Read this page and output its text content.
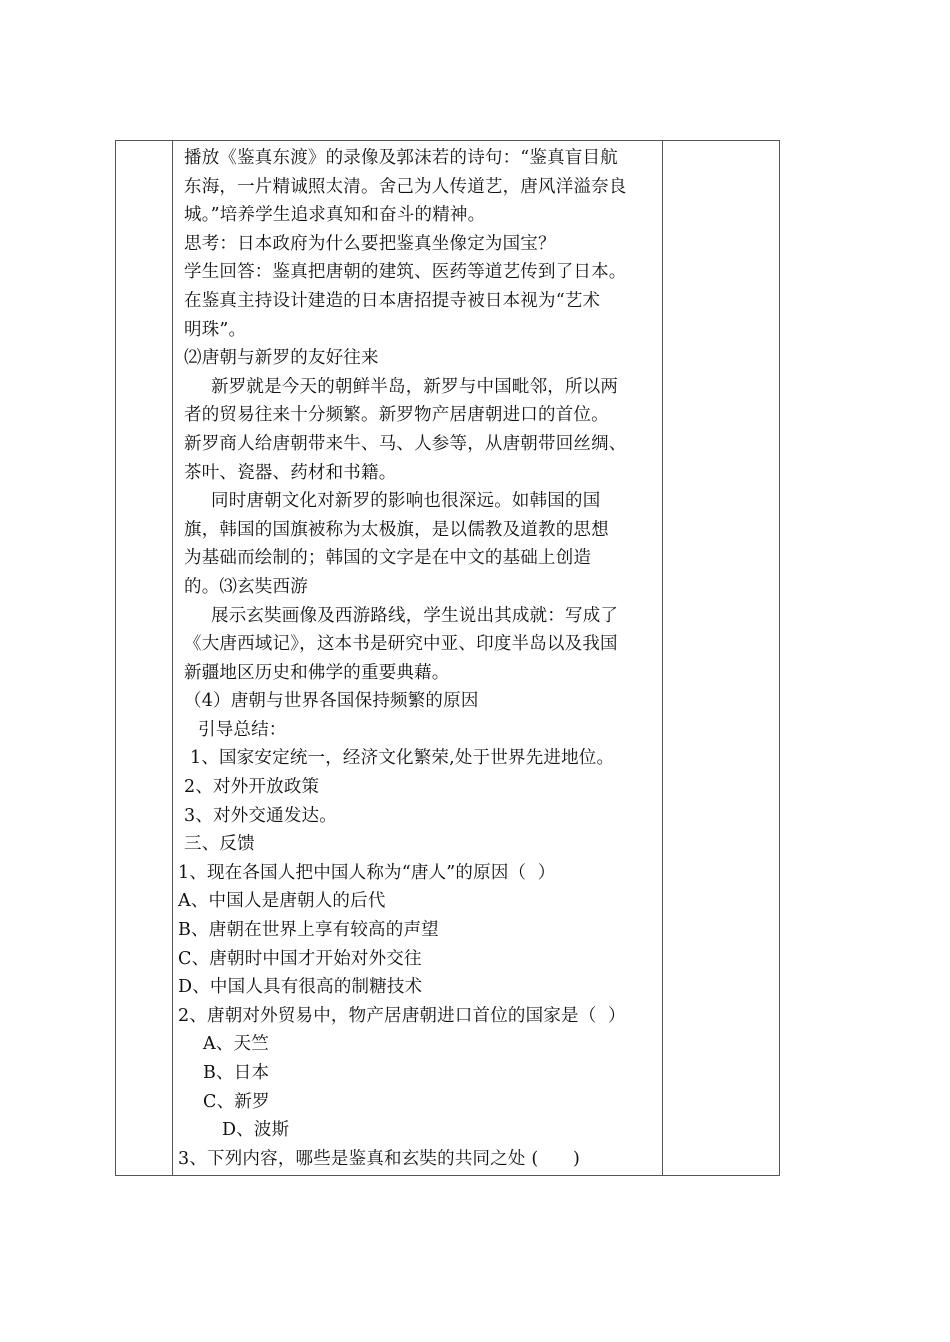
播放《鉴真东渡》的录像及郭沫若的诗句：“鉴真盲目航
东海，一片精诚照太清。舍己为人传道艺，唐风洋溢奈良
城。”培养学生追求真知和奋斗的精神。
思考：日本政府为什么要把鉴真坐像定为国宝？
学生回答：鉴真把唐朝的建筑、医药等道艺传到了日本。
在鉴真主持设计建造的日本唐招提寺被日本视为“艺术
明珠”。
⑵唐朝与新罗的友好往来
新罗就是今天的朝鲜半岛，新罗与中国毗邻，所以两
者的贸易往来十分频繁。新罗物产居唐朝进口的首位。
新罗商人给唐朝带来牛、马、人参等，从唐朝带回丝绸、
茶叶、瓷器、药材和书籍。
同时唐朝文化对新罗的影响也很深远。如韩国的国
旗，韩国的国旗被称为太极旗，是以儒教及道教的思想
为基础而绘制的；韩国的文字是在中文的基础上创造
的。⑶玄奘西游
展示玄奘画像及西游路线，学生说出其成就：写成了
《大唐西域记》，这本书是研究中亚、印度半岛以及我国
新疆地区历史和佛学的重要典藉。
（4）唐朝与世界各国保持频繁的原因
引导总结：
1、国家安定统一，经济文化繁荣,处于世界先进地位。
2、对外开放政策
3、对外交通发达。
三、反馈
1、现在各国人把中国人称为“唐人”的原因（  ）
A、中国人是唐朝人的后代
B、唐朝在世界上享有较高的声望
C、唐朝时中国才开始对外交往
D、中国人具有很高的制糖技术
2、唐朝对外贸易中，物产居唐朝进口首位的国家是（  ）
A、天竺
B、日本
C、新罗
D、波斯
3、下列内容，哪些是鉴真和玄奘的共同之处 (      )
